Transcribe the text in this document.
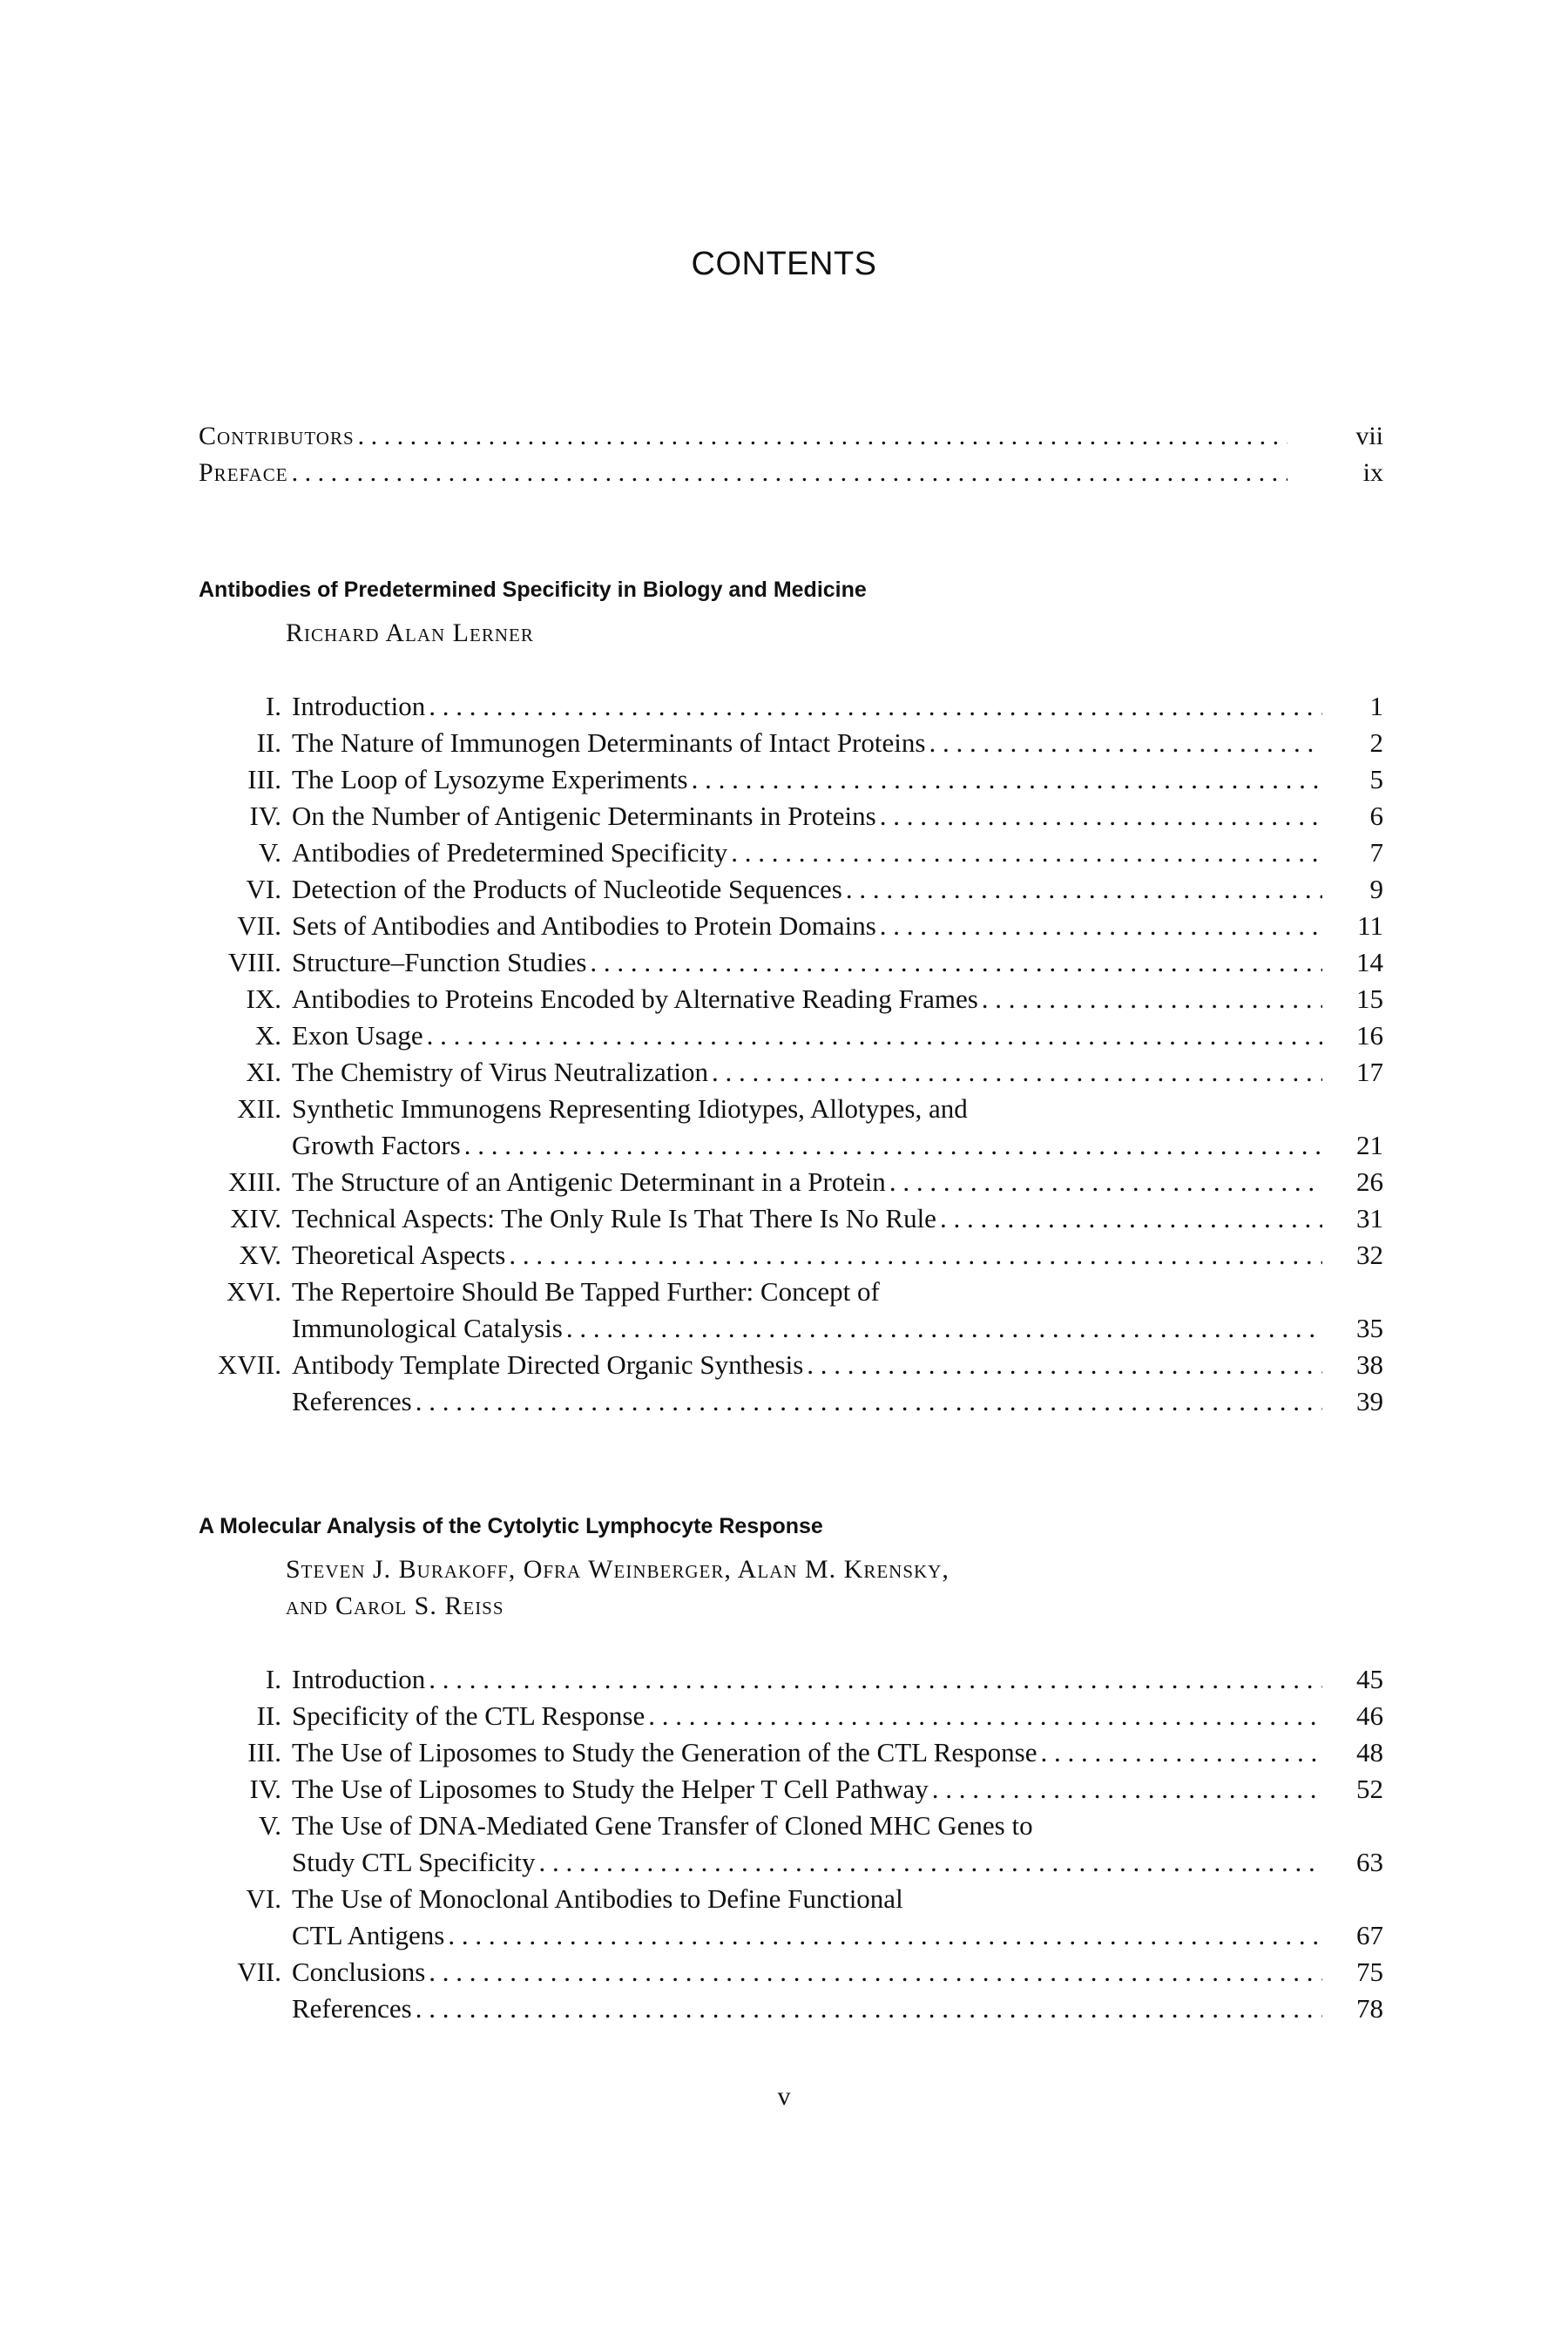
CONTENTS
Contributors . . .	vii
Preface . . .	ix
Antibodies of Predetermined Specificity in Biology and Medicine
Richard Alan Lerner
I. Introduction . . .	1
II. The Nature of Immunogen Determinants of Intact Proteins . . .	2
III. The Loop of Lysozyme Experiments . . .	5
IV. On the Number of Antigenic Determinants in Proteins . . .	6
V. Antibodies of Predetermined Specificity . . .	7
VI. Detection of the Products of Nucleotide Sequences . . .	9
VII. Sets of Antibodies and Antibodies to Protein Domains . . .	11
VIII. Structure–Function Studies . . .	14
IX. Antibodies to Proteins Encoded by Alternative Reading Frames . . .	15
X. Exon Usage . . .	16
XI. The Chemistry of Virus Neutralization . . .	17
XII. Synthetic Immunogens Representing Idiotypes, Allotypes, and
Growth Factors . . .	21
XIII. The Structure of an Antigenic Determinant in a Protein . . .	26
XIV. Technical Aspects: The Only Rule Is That There Is No Rule . . .	31
XV. Theoretical Aspects . . .	32
XVI. The Repertoire Should Be Tapped Further: Concept of
Immunological Catalysis . . .	35
XVII. Antibody Template Directed Organic Synthesis . . .	38
References . . .	39
A Molecular Analysis of the Cytolytic Lymphocyte Response
Steven J. Burakoff, Ofra Weinberger, Alan M. Krensky,
and Carol S. Reiss
I. Introduction . . .	45
II. Specificity of the CTL Response . . .	46
III. The Use of Liposomes to Study the Generation of the CTL Response . . .	48
IV. The Use of Liposomes to Study the Helper T Cell Pathway . . .	52
V. The Use of DNA-Mediated Gene Transfer of Cloned MHC Genes to
Study CTL Specificity . . .	63
VI. The Use of Monoclonal Antibodies to Define Functional
CTL Antigens . . .	67
VII. Conclusions . . .	75
References . . .	78
v
